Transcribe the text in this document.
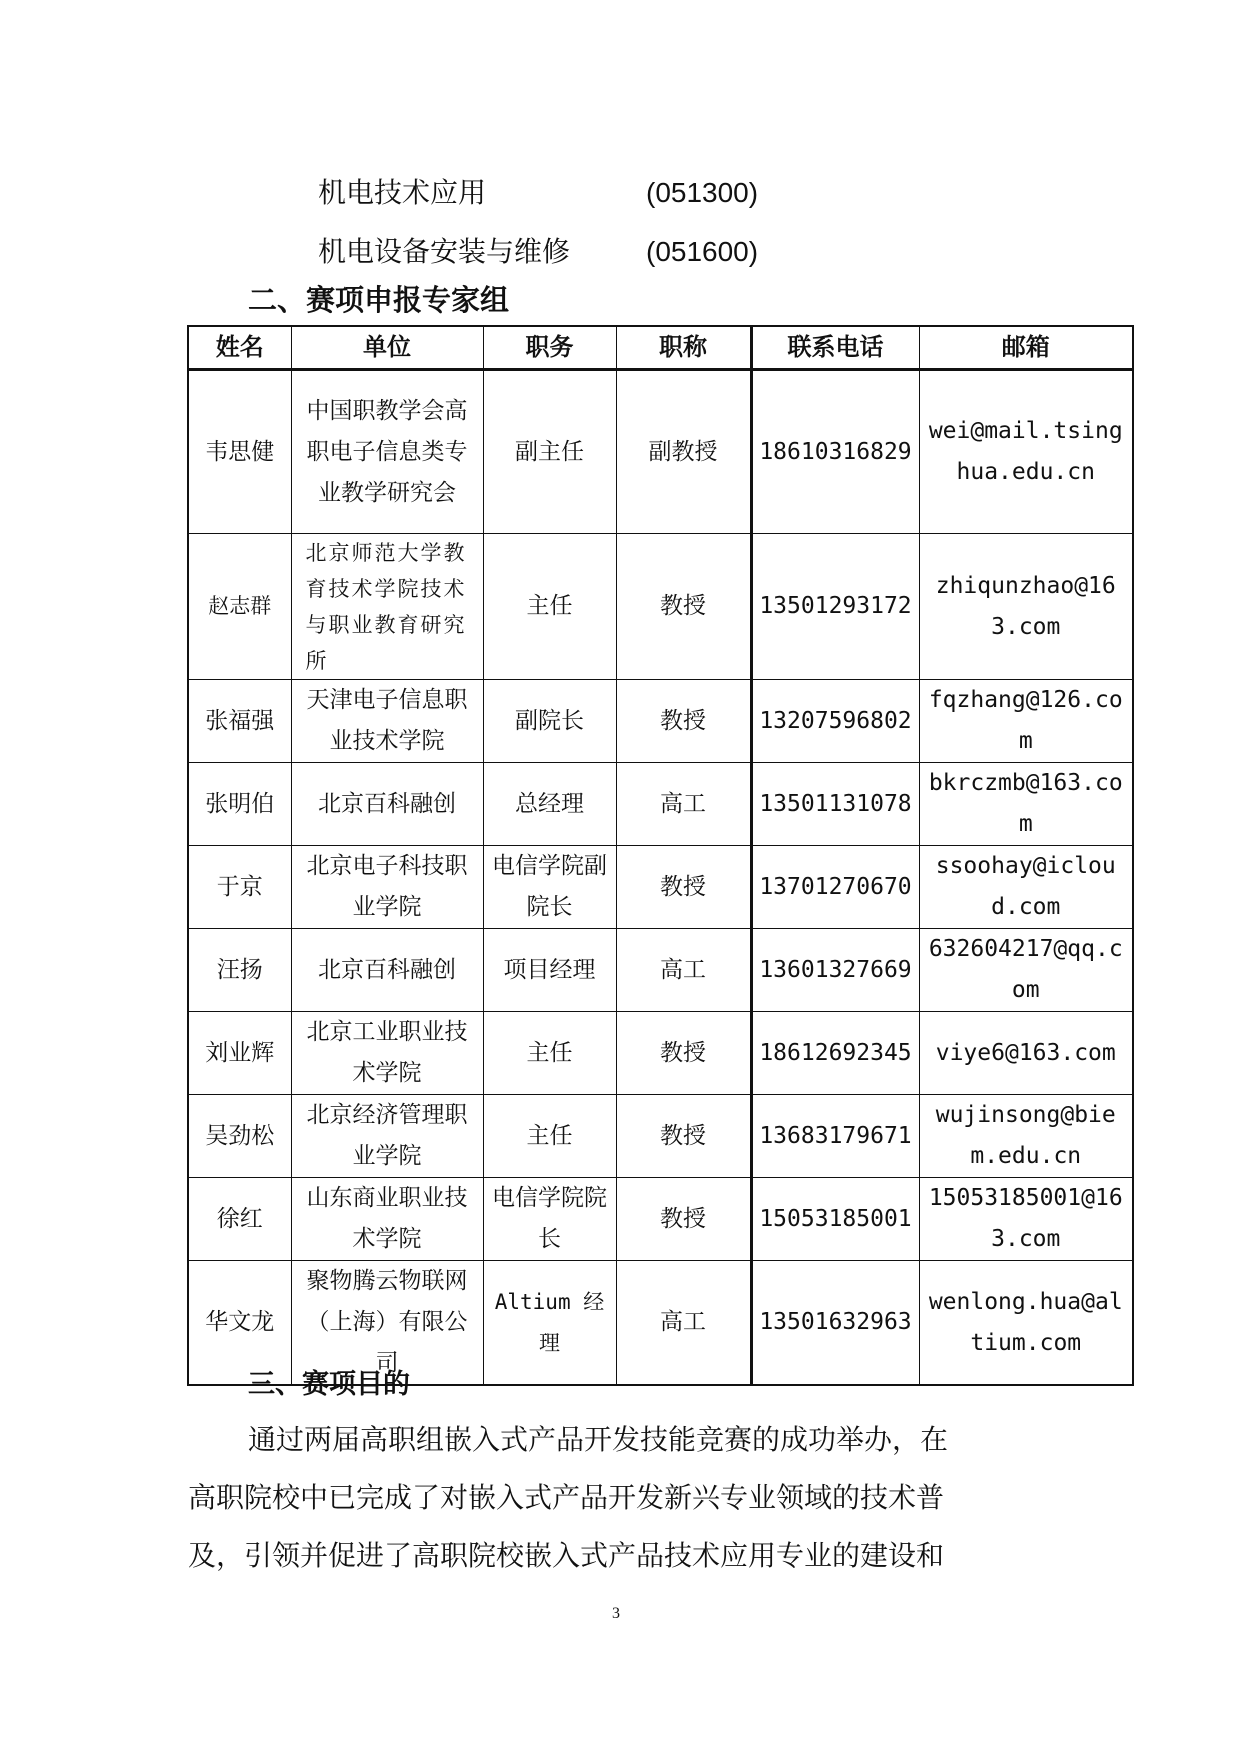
机电技术应用	(051300)
机电设备安装与维修	(051600)
二、赛项申报专家组
姓名	单位	职务	职称	联系电话	邮箱
韦思健	中国职教学会高职电子信息类专业教学研究会	副主任	副教授	18610316829	wei@mail.tsinghua.edu.cn
赵志群	北京师范大学教育技术学院技术与职业教育研究所	主任	教授	13501293172	zhiqunzhao@163.com
张福强	天津电子信息职业技术学院	副院长	教授	13207596802	fqzhang@126.com
张明伯	北京百科融创	总经理	高工	13501131078	bkrczmb@163.com
于京	北京电子科技职业学院	电信学院副院长	教授	13701270670	ssoohay@icloud.com
汪扬	北京百科融创	项目经理	高工	13601327669	632604217@qq.com
刘业辉	北京工业职业技术学院	主任	教授	18612692345	viye6@163.com
吴劲松	北京经济管理职业学院	主任	教授	13683179671	wujinsong@biem.edu.cn
徐红	山东商业职业技术学院	电信学院院长	教授	15053185001	15053185001@163.com
华文龙	聚物腾云物联网（上海）有限公司	Altium 经理	高工	13501632963	wenlong.hua@altium.com
三、赛项目的
通过两届高职组嵌入式产品开发技能竞赛的成功举办，在
高职院校中已完成了对嵌入式产品开发新兴专业领域的技术普
及，引领并促进了高职院校嵌入式产品技术应用专业的建设和
3
